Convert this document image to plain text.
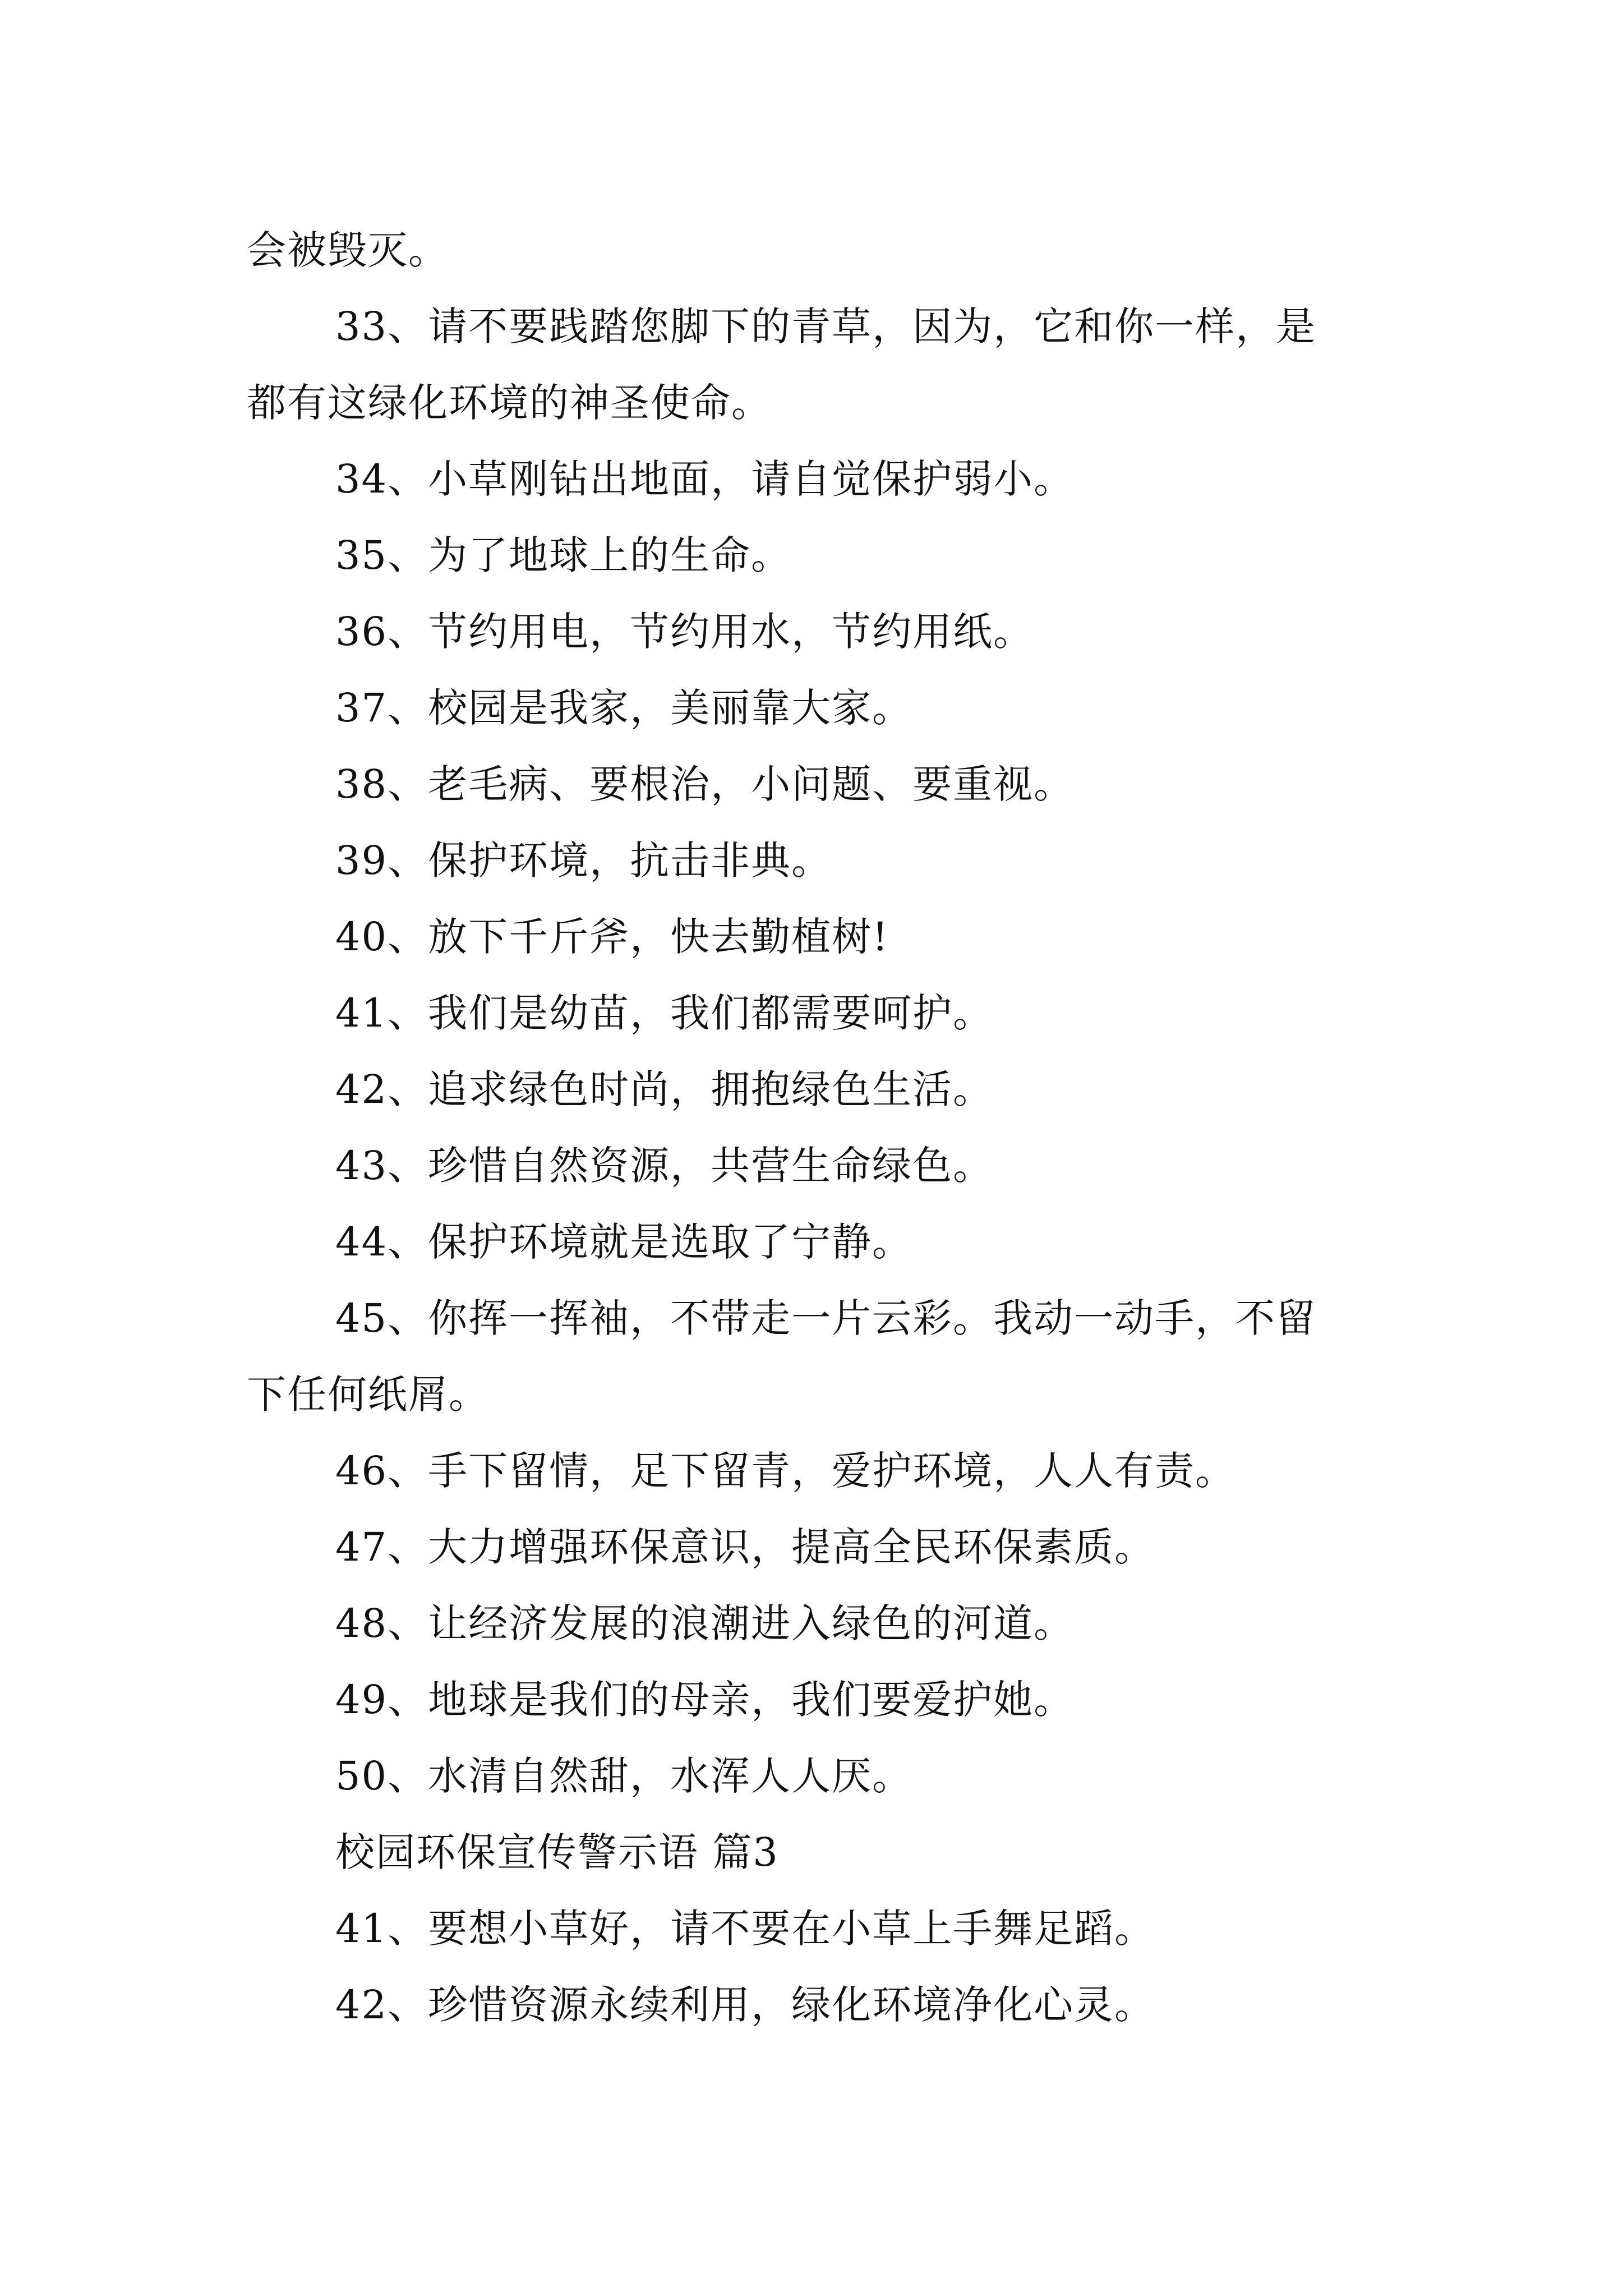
会被毁灭。

33、请不要践踏您脚下的青草，因为，它和你一样，是

都有这绿化环境的神圣使命。

34、小草刚钻出地面，请自觉保护弱小。

35、为了地球上的生命。

36、节约用电，节约用水，节约用纸。

37、校园是我家，美丽靠大家。

38、老毛病、要根治，小问题、要重视。

39、保护环境，抗击非典。

40、放下千斤斧，快去勤植树!

41、我们是幼苗，我们都需要呵护。

42、追求绿色时尚，拥抱绿色生活。

43、珍惜自然资源，共营生命绿色。

44、保护环境就是选取了宁静。

45、你挥一挥袖，不带走一片云彩。我动一动手，不留

下任何纸屑。

46、手下留情，足下留青，爱护环境，人人有责。

47、大力增强环保意识，提高全民环保素质。

48、让经济发展的浪潮进入绿色的河道。

49、地球是我们的母亲，我们要爱护她。

50、水清自然甜，水浑人人厌。

校园环保宣传警示语 篇3

41、要想小草好，请不要在小草上手舞足蹈。

42、珍惜资源永续利用，绿化环境净化心灵。
